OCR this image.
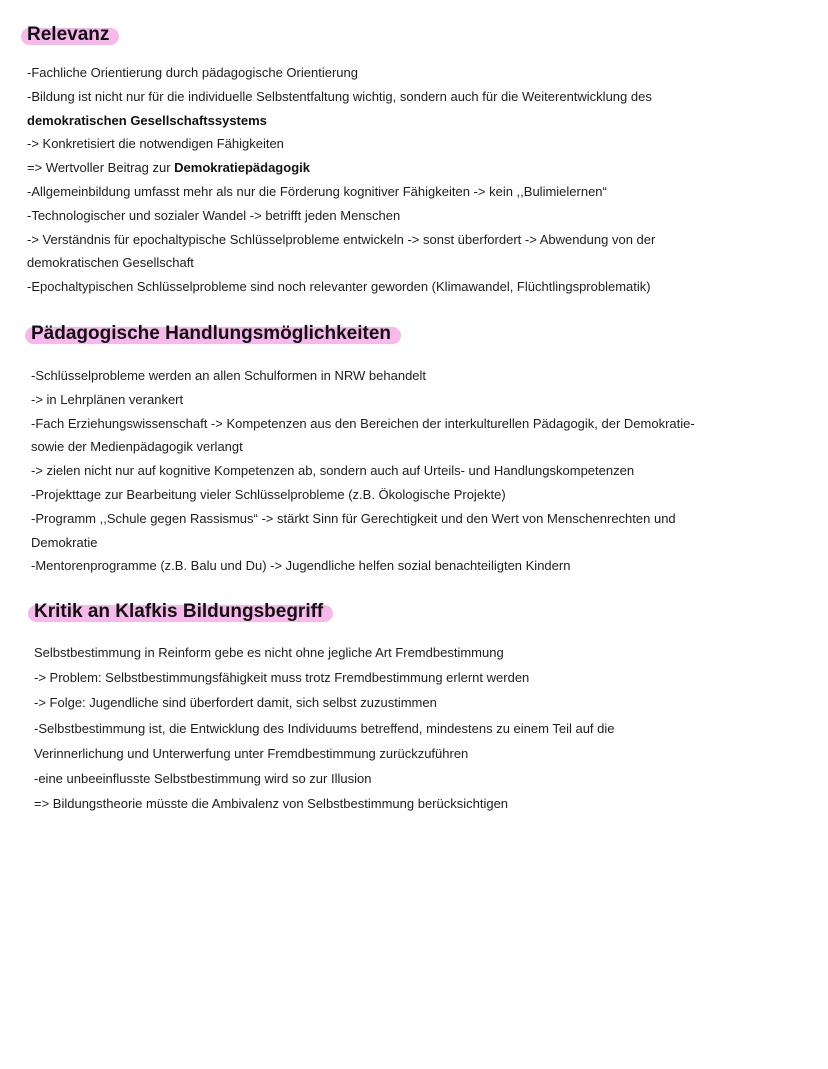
Relevanz
-Fachliche Orientierung durch pädagogische Orientierung
-Bildung ist nicht nur für die individuelle Selbstentfaltung wichtig, sondern auch für die Weiterentwicklung des
demokratischen Gesellschaftssystems
-> Konkretisiert die notwendigen Fähigkeiten
=> Wertvoller Beitrag zur Demokratiepädagogik
-Allgemeinbildung umfasst mehr als nur die Förderung kognitiver Fähigkeiten -> kein ,,Bulimielernen“
-Technologischer und sozialer Wandel -> betrifft jeden Menschen
-> Verständnis für epochaltypische Schlüsselprobleme entwickeln -> sonst überfordert -> Abwendung von der
demokratischen Gesellschaft
-Epochaltypischen Schlüsselprobleme sind noch relevanter geworden (Klimawandel, Flüchtlingsproblematik)
Pädagogische Handlungsmöglichkeiten
-Schlüsselprobleme werden an allen Schulformen in NRW behandelt
-> in Lehrplänen verankert
-Fach Erziehungswissenschaft -> Kompetenzen aus den Bereichen der interkulturellen Pädagogik, der Demokratie-
sowie der Medienpädagogik verlangt
-> zielen nicht nur auf kognitive Kompetenzen ab, sondern auch auf Urteils- und Handlungskompetenzen
-Projekttage zur Bearbeitung vieler Schlüsselprobleme (z.B. Ökologische Projekte)
-Programm ,,Schule gegen Rassismus“ -> stärkt Sinn für Gerechtigkeit und den Wert von Menschenrechten und
Demokratie
-Mentorenprogramme (z.B. Balu und Du) -> Jugendliche helfen sozial benachteiligten Kindern
Kritik an Klafkis Bildungsbegriff
Selbstbestimmung in Reinform gebe es nicht ohne jegliche Art Fremdbestimmung
-> Problem: Selbstbestimmungsfähigkeit muss trotz Fremdbestimmung erlernt werden
-> Folge: Jugendliche sind überfordert damit, sich selbst zuzustimmen
-Selbstbestimmung ist, die Entwicklung des Individuums betreffend, mindestens zu einem Teil auf die
Verinnerlichung und Unterwerfung unter Fremdbestimmung zurückzuführen
-eine unbeeinflusste Selbstbestimmung wird so zur Illusion
=> Bildungstheorie müsste die Ambivalenz von Selbstbestimmung berücksichtigen
